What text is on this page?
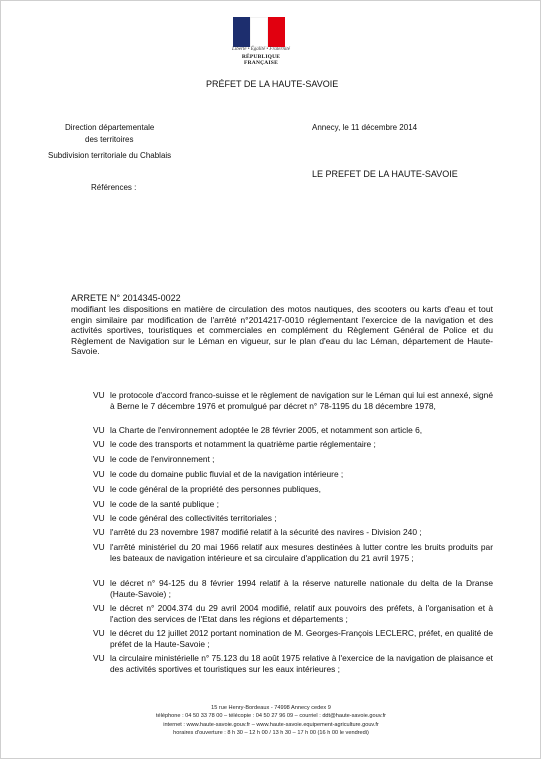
Liberté • Égalité • Fraternité
RÉPUBLIQUE FRANÇAISE
PRÉFET DE LA HAUTE-SAVOIE
Direction départementale
des territoires
Subdivision territoriale du Chablais
Annecy, le 11 décembre 2014
LE PREFET DE LA HAUTE-SAVOIE
Références :
ARRETE N° 2014345-0022
modifiant les dispositions en matière de circulation des motos nautiques, des scooters ou karts d'eau et tout engin similaire par modification de l'arrêté n°2014217-0010 réglementant l'exercice de la navigation et des activités sportives, touristiques et commerciales en complément du Règlement Général de Police et du Règlement de Navigation sur le Léman en vigueur, sur le plan d'eau du lac Léman, département de Haute-Savoie.
VU le protocole d'accord franco-suisse et le règlement de navigation sur le Léman qui lui est annexé, signé à Berne le 7 décembre 1976 et promulgué par décret n° 78-1195 du 18 décembre 1978,
VU la Charte de l'environnement adoptée le 28 février 2005, et notamment son article 6,
VU le code des transports et notamment la quatrième partie réglementaire ;
VU le code de l'environnement ;
VU le code du domaine public fluvial et de la navigation intérieure ;
VU le code général de la propriété des personnes publiques,
VU le code de la santé publique ;
VU le code général des collectivités territoriales ;
VU l'arrêté du 23 novembre 1987 modifié relatif à la sécurité des navires - Division 240 ;
VU l'arrêté ministériel du 20 mai 1966 relatif aux mesures destinées à lutter contre les bruits produits par les bateaux de navigation intérieure et sa circulaire d'application du 21 avril 1975 ;
VU le décret n° 94-125 du 8 février 1994 relatif à la réserve naturelle nationale du delta de la Dranse (Haute-Savoie) ;
VU le décret n° 2004.374 du 29 avril 2004 modifié, relatif aux pouvoirs des préfets, à l'organisation et à l'action des services de l'Etat dans les régions et départements ;
VU le décret du 12 juillet 2012 portant nomination de M. Georges-François LECLERC, préfet, en qualité de préfet de la Haute-Savoie ;
VU la circulaire ministérielle n° 75.123 du 18 août 1975 relative à l'exercice de la navigation de plaisance et des activités sportives et touristiques sur les eaux intérieures ;
15 rue Henry-Bordeaux - 74998 Annecy cedex 9
téléphone : 04 50 33 78 00 – télécopie : 04 50 27 96 09 – courriel : ddt@haute-savoie.gouv.fr
internet : www.haute-savoie.gouv.fr – www.haute-savoie.equipement-agriculture.gouv.fr
horaires d'ouverture : 8 h 30 – 12 h 00 / 13 h 30 – 17 h 00 (16 h 00 le vendredi)
